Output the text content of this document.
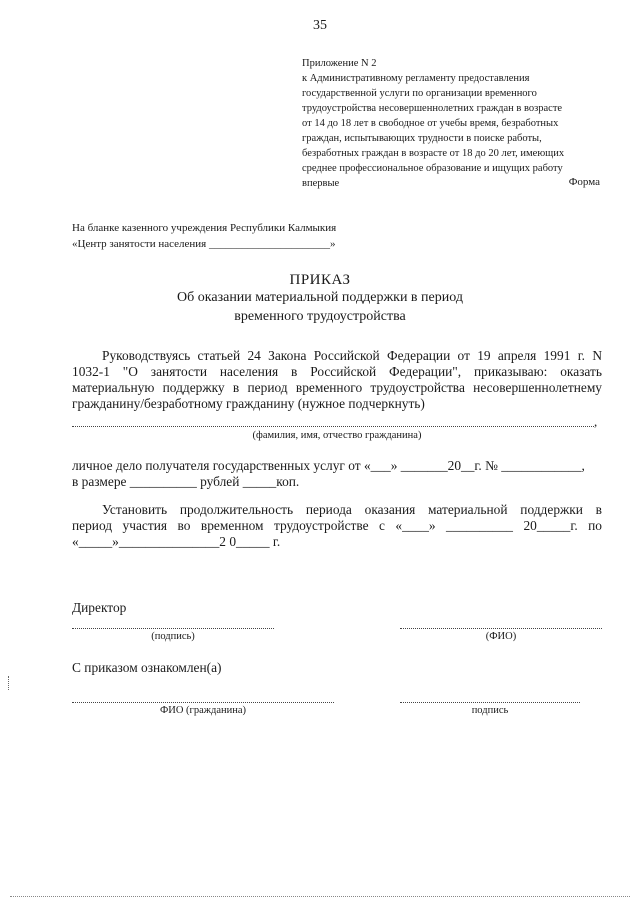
35
Приложение N 2
к Административному регламенту предоставления
государственной услуги по организации временного
трудоустройства несовершеннолетних граждан в возрасте
от 14 до 18 лет в свободное от учебы время, безработных
граждан, испытывающих трудности в поиске работы,
безработных граждан в возрасте от 18 до 20 лет, имеющих
среднее профессиональное образование и ищущих работу
впервые	Форма
На бланке казенного учреждения Республики Калмыкия
«Центр занятости населения ______________________»
ПРИКАЗ
Об оказании материальной поддержки в период
временного трудоустройства
Руководствуясь статьей 24 Закона Российской Федерации от 19 апреля 1991 г. N
1032-1 "О занятости населения в Российской Федерации", приказываю: оказать
материальную поддержку в период временного трудоустройства несовершеннолетнему
гражданину/безработному гражданину (нужное подчеркнуть)
,
(фамилия, имя, отчество гражданина)
личное дело получателя государственных услуг от «___» _______20__г. № ____________,
в размере __________ рублей _____коп.
Установить продолжительность периода оказания материальной поддержки в
период участия во временном трудоустройстве с «____» __________ 20_____г. по
«_____»_______________2 0_____ г.
Директор
(подпись)	(ФИО)
С приказом ознакомлен(а)
ФИО (гражданина)	подпись
